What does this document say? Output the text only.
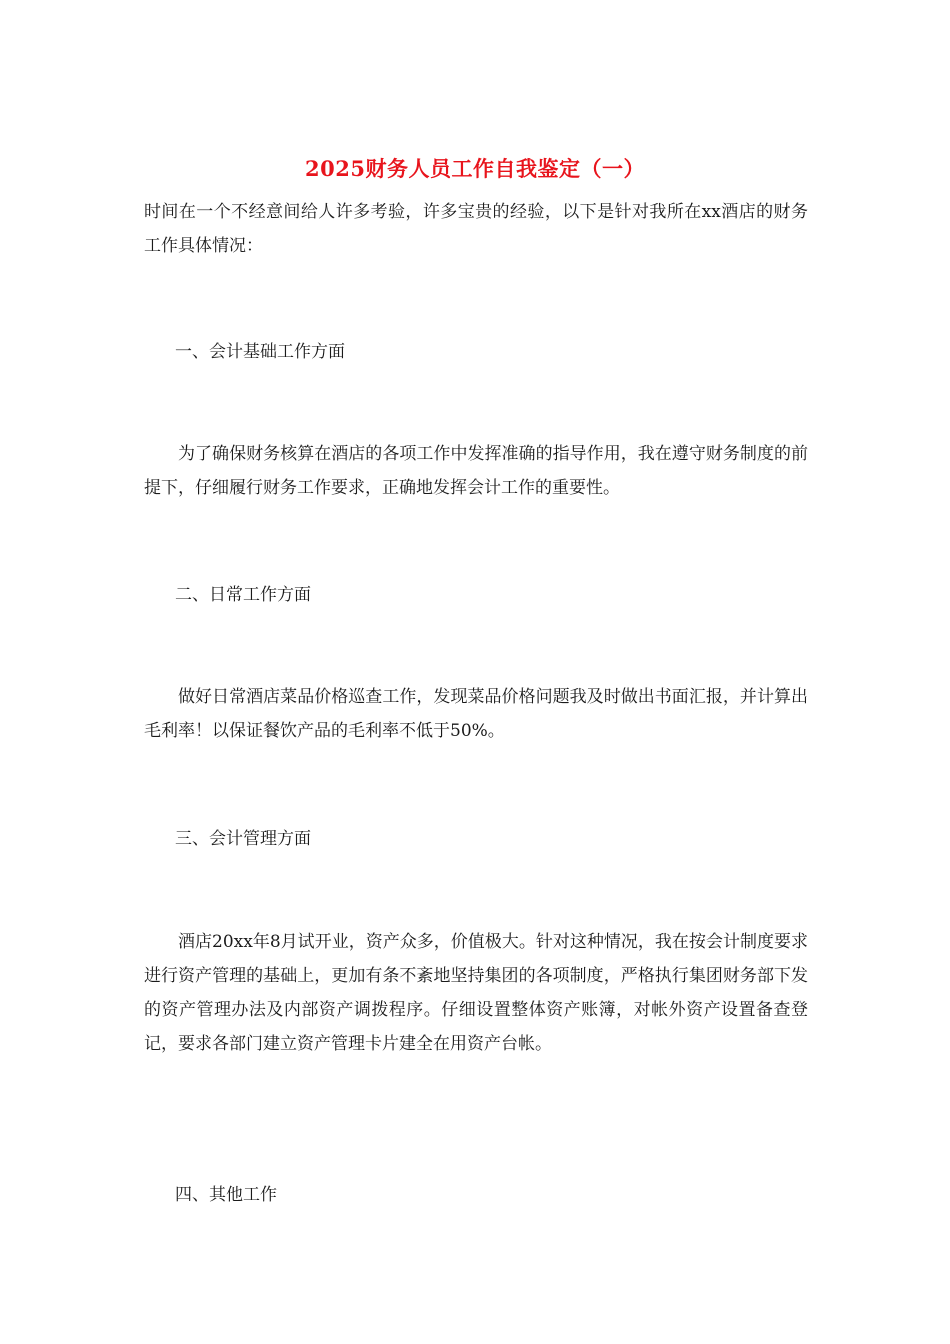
2025财务人员工作自我鉴定（一）

时间在一个不经意间给人许多考验，许多宝贵的经验，以下是针对我所在xx酒店的财务工作具体情况：

一、会计基础工作方面

为了确保财务核算在酒店的各项工作中发挥准确的指导作用，我在遵守财务制度的前提下，仔细履行财务工作要求，正确地发挥会计工作的重要性。

二、日常工作方面

做好日常酒店菜品价格巡查工作，发现菜品价格问题我及时做出书面汇报，并计算出毛利率！以保证餐饮产品的毛利率不低于50%。

三、会计管理方面

酒店20xx年8月试开业，资产众多，价值极大。针对这种情况，我在按会计制度要求进行资产管理的基础上，更加有条不紊地坚持集团的各项制度，严格执行集团财务部下发的资产管理办法及内部资产调拨程序。仔细设置整体资产账簿，对帐外资产设置备查登记，要求各部门建立资产管理卡片建全在用资产台帐。

四、其他工作
